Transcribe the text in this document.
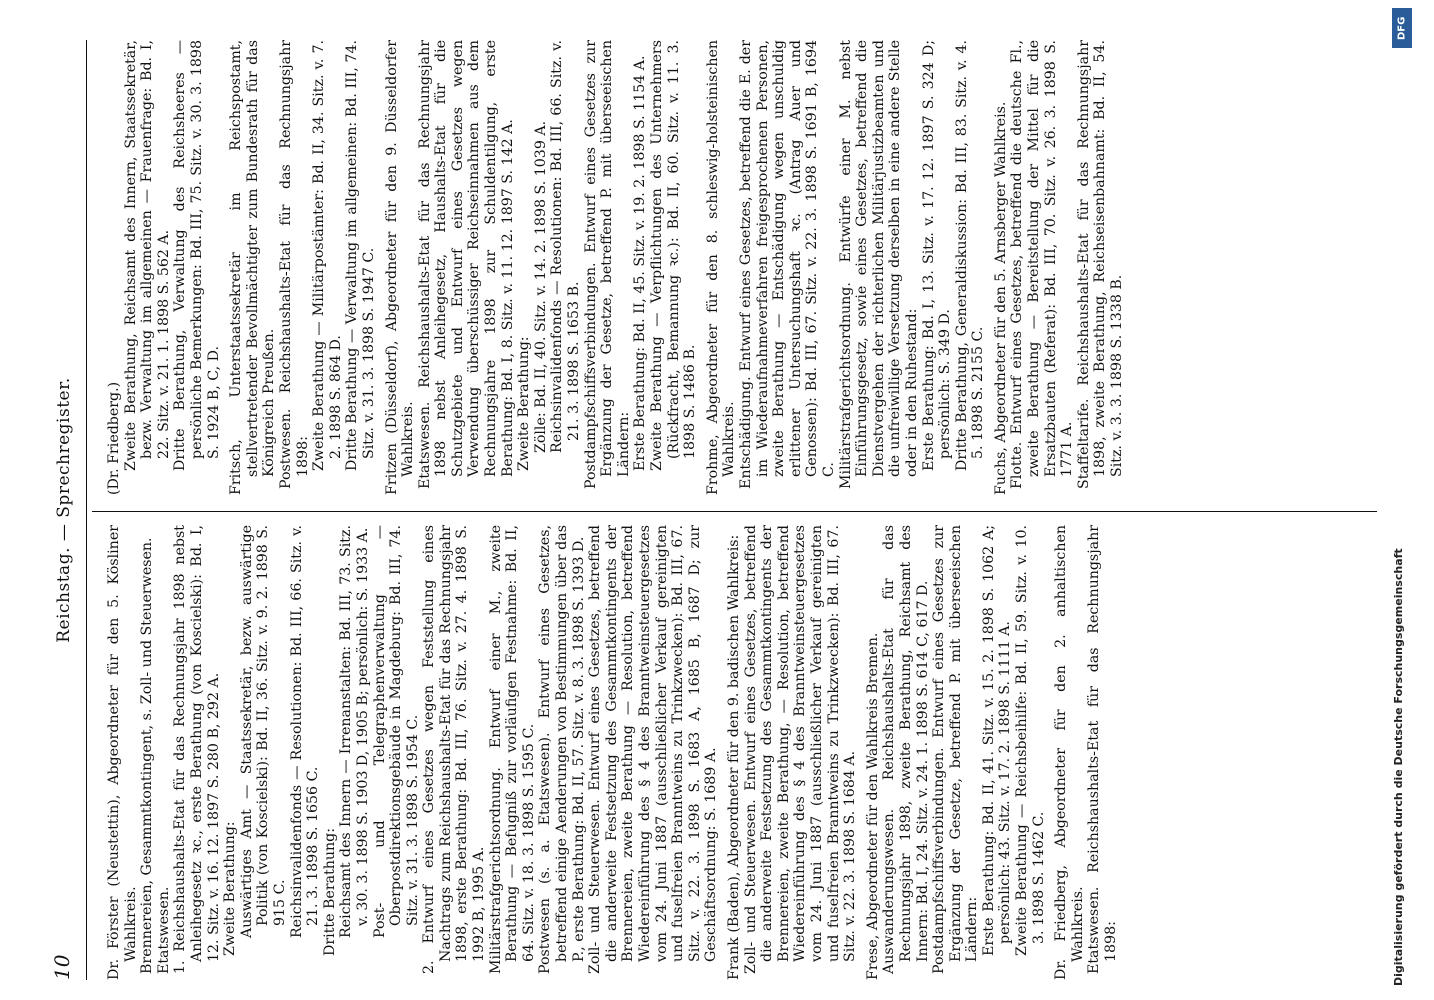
10
Reichstag. — Sprechregister.

Dr. Förster (Neustettin), Abgeordneter für den 5. Kösliner Wahlkreis. Brennereien, Gesammtkontingent, s. Zoll- und Steuerwesen. Etatswesen. 1. Reichshaushalts-Etat für das Rechnungsjahr 1898 nebst Anleihegesetz ꝛc., erste Berathung (von Koscielski): Bd. I, 12. Sitz. v. 16. 12. 1897 S. 280 B, 292 A. Zweite Berathung: Auswärtiges Amt — Staatssekretär, bezw. auswärtige Politik (von Koscielski): Bd. II, 36. Sitz. v. 9. 2. 1898 S. 915 C. Reichsinvalidenfonds — Resolutionen: Bd. III, 66. Sitz. v. 21. 3. 1898 S. 1656 C. Dritte Berathung: Reichsamt des Innern — Irrenanstalten: Bd. III, 73. Sitz. v. 30. 3. 1898 S. 1903 D, 1905 B; persönlich: S. 1933 A. Post- und Telegraphenverwaltung — Oberpostdirektionsgebäude in Magdeburg: Bd. III, 74. Sitz. v. 31. 3. 1898 S. 1954 C. 2. Entwurf eines Gesetzes wegen Feststellung eines Nachtrags zum Reichshaushalts-Etat für das Rechnungsjahr 1898, erste Berathung: Bd. III, 76. Sitz. v. 27. 4. 1898 S. 1992 B, 1995 A. Militärstrafgerichtsordnung. Entwurf einer M., zweite Berathung — Befugniß zur vorläufigen Festnahme: Bd. II, 64. Sitz. v. 18. 3. 1898 S. 1595 C. Postwesen (s. a. Etatswesen). Entwurf eines Gesetzes, betreffend einige Aenderungen von Bestimmungen über das P., erste Berathung: Bd. II, 57. Sitz. v. 8. 3. 1898 S. 1393 D. Zoll- und Steuerwesen. Entwurf eines Gesetzes, betreffend die anderweite Festsetzung des Gesammtkontingents der Brennereien, zweite Berathung — Resolution, betreffend Wiedereinführung des § 4 des Branntweinsteuergesetzes vom 24. Juni 1887 (ausschließlicher Verkauf gereinigten und fuselfreien Branntweins zu Trinkzwecken): Bd. III, 67. Sitz. v. 22. 3. 1898 S. 1683 A, 1685 B, 1687 D; zur Geschäftsordnung: S. 1689 A. Frank (Baden), Abgeordneter für den 9. badischen Wahlkreis: Zoll- und Steuerwesen. Entwurf eines Gesetzes, betreffend die anderweite Festsetzung des Gesammtkontingents der Brennereien, zweite Berathung, — Resolution, betreffend Wiedereinführung des § 4 des Branntweinsteuergesetzes vom 24. Juni 1887 (ausschließlicher Verkauf gereinigten und fuselfreien Branntweins zu Trinkzwecken): Bd. III, 67. Sitz. v. 22. 3. 1898 S. 1684 A. Frese, Abgeordneter für den Wahlkreis Bremen. Auswanderungswesen. Reichshaushalts-Etat für das Rechnungsjahr 1898, zweite Berathung, Reichsamt des Innern: Bd. I, 24. Sitz. v. 24. 1. 1898 S. 614 C, 617 D. Postdampfschiffsverbindungen. Entwurf eines Gesetzes zur Ergänzung der Gesetze, betreffend P. mit überseeischen Ländern: Erste Berathung: Bd. II, 41. Sitz. v. 15. 2. 1898 S. 1062 A; persönlich: 43. Sitz. v. 17. 2. 1898 S. 1111 A. Zweite Berathung — Reichsbeihilfe: Bd. II, 59. Sitz. v. 10. 3. 1898 S. 1462 C. Dr. Friedberg, Abgeordneter für den 2. anhaltischen Wahlkreis. Etatswesen. Reichshaushalts-Etat für das Rechnungsjahr 1898:

(Dr. Friedberg.) Zweite Berathung, Reichsamt des Innern, Staatssekretär, bezw. Verwaltung im allgemeinen — Frauenfrage: Bd. I, 22. Sitz. v. 21. 1. 1898 S. 562 A. Dritte Berathung, Verwaltung des Reichsheeres — persönliche Bemerkungen: Bd. III, 75. Sitz. v. 30. 3. 1898 S. 1924 B, C, D. Fritsch, Unterstaatssekretär im Reichspostamt, stellvertretender Bevollmächtigter zum Bundesrath für das Königreich Preußen. Postwesen. Reichshaushalts-Etat für das Rechnungsjahr 1898: Zweite Berathung — Militärpostämter: Bd. II, 34. Sitz. v. 7. 2. 1898 S. 864 D. Dritte Berathung — Verwaltung im allgemeinen: Bd. III, 74. Sitz. v. 31. 3. 1898 S. 1947 C. Fritzen (Düsseldorf), Abgeordneter für den 9. Düsseldorfer Wahlkreis. Etatswesen. Reichshaushalts-Etat für das Rechnungsjahr 1898 nebst Anleihegesetz, Haushalts-Etat für die Schutzgebiete und Entwurf eines Gesetzes wegen Verwendung überschüssiger Reichseinnahmen aus dem Rechnungsjahre 1898 zur Schuldentilgung, erste Berathung: Bd. I, 8. Sitz. v. 11. 12. 1897 S. 142 A. Zweite Berathung: Zölle: Bd. II, 40. Sitz. v. 14. 2. 1898 S. 1039 A. Reichsinvalidenfonds — Resolutionen: Bd. III, 66. Sitz. v. 21. 3. 1898 S. 1653 B. Postdampfschiffsverbindungen. Entwurf eines Gesetzes zur Ergänzung der Gesetze, betreffend P. mit überseeischen Ländern: Erste Berathung: Bd. II, 45. Sitz. v. 19. 2. 1898 S. 1154 A. Zweite Berathung — Verpflichtungen des Unternehmers (Rückfracht, Bemannung ꝛc.): Bd. II, 60. Sitz. v. 11. 3. 1898 S. 1486 B. Frohme, Abgeordneter für den 8. schleswig-holsteinischen Wahlkreis. Entschädigung. Entwurf eines Gesetzes, betreffend die E. der im Wiederaufnahmeverfahren freigesprochenen Personen, zweite Berathung — Entschädigung wegen unschuldig erlittener Untersuchungshaft ꝛc. (Antrag Auer und Genossen): Bd. III, 67. Sitz. v. 22. 3. 1898 S. 1691 B, 1694 C. Militärstrafgerichtsordnung. Entwürfe einer M. nebst Einführungsgesetz, sowie eines Gesetzes, betreffend die Dienstvergehen der richterlichen Militärjustizbeamten und die unfreiwillige Versetzung derselben in eine andere Stelle oder in den Ruhestand: Erste Berathung: Bd. I, 13. Sitz. v. 17. 12. 1897 S. 324 D; persönlich: S. 349 D. Dritte Berathung, Generaldiskussion: Bd. III, 83. Sitz. v. 4. 5. 1898 S. 2155 C. Fuchs, Abgeordneter für den 5. Arnsberger Wahlkreis. Flotte. Entwurf eines Gesetzes, betreffend die deutsche Fl., zweite Berathung — Bereitstellung der Mittel für die Ersatzbauten (Referat): Bd. III, 70. Sitz. v. 26. 3. 1898 S. 1771 A. Staffeltarife. Reichshaushalts-Etat für das Rechnungsjahr 1898, zweite Berathung, Reichseisenbahnamt: Bd. II, 54. Sitz. v. 3. 3. 1898 S. 1338 B.

DFG
Digitalisierung gefördert durch die Deutsche Forschungsgemeinschaft
